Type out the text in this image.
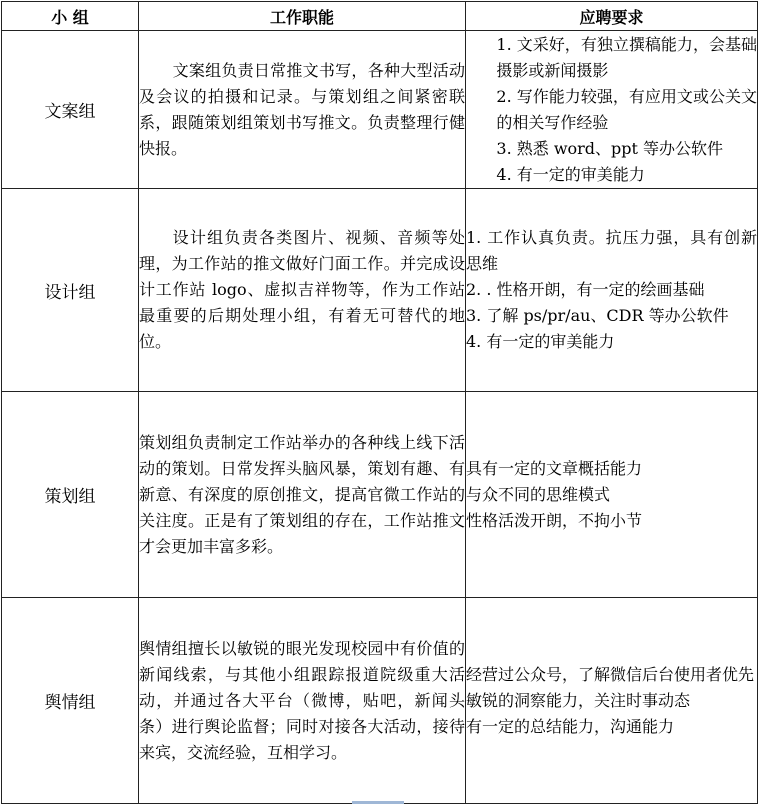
小 组	工作职能	应聘要求
文案组	文案组负责日常推文书写，各种大型活动及会议的拍摄和记录。与策划组之间紧密联系，跟随策划组策划书写推文。负责整理行健快报。	1. 文采好，有独立撰稿能力，会基础摄影或新闻摄影

2. 写作能力较强，有应用文或公关文的相关写作经验

3. 熟悉 word、ppt 等办公软件

4. 有一定的审美能力

设计组	设计组负责各类图片、视频、音频等处理，为工作站的推文做好门面工作。并完成设计工作站 logo、虚拟吉祥物等，作为工作站最重要的后期处理小组，有着无可替代的地位。	1. 工作认真负责。抗压力强，具有创新思维

2. . 性格开朗，有一定的绘画基础

3. 了解 ps/pr/au、CDR 等办公软件

4. 有一定的审美能力

策划组	策划组负责制定工作站举办的各种线上线下活动的策划。日常发挥头脑风暴，策划有趣、有新意、有深度的原创推文，提高官微工作站的关注度。正是有了策划组的存在，工作站推文才会更加丰富多彩。	具有一定的文章概括能力

与众不同的思维模式

性格活泼开朗，不拘小节

舆情组	舆情组擅长以敏锐的眼光发现校园中有价值的新闻线索，与其他小组跟踪报道院级重大活动，并通过各大平台（微博，贴吧，新闻头条）进行舆论监督；同时对接各大活动，接待来宾，交流经验，互相学习。	经营过公众号，了解微信后台使用者优先

敏锐的洞察能力，关注时事动态

有一定的总结能力，沟通能力
